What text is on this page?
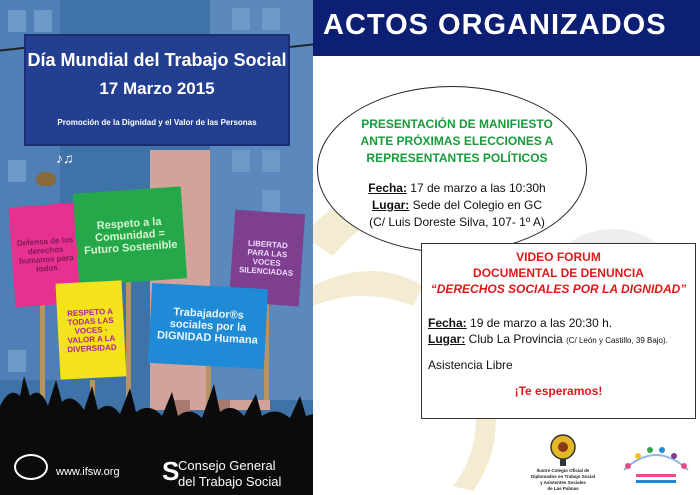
Día Mundial del Trabajo Social
17 Marzo 2015
Promoción de la Dignidad y el Valor de las Personas
♪♫
Defensa de los derechos humanos para todos
Respeto a la Comunidad = Futuro Sostenible	LIBERTAD PARA LAS VOCES SILENCIADAS
RESPETO A TODAS LAS VOCES - VALOR A LA DIVERSIDAD
Trabajador®s sociales por la DIGNIDAD Humana
www.ifsw.org S
Consejo General
del Trabajo Social
ACTOS ORGANIZADOS
PRESENTACIÓN DE MANIFIESTO
ANTE PRÓXIMAS ELECCIONES A
REPRESENTANTES POLÍTICOS
Fecha: 17 de marzo a las 10:30h
Lugar: Sede del Colegio en GC
(C/ Luis Doreste Silva, 107- 1º A)
VIDEO FORUM
DOCUMENTAL DE DENUNCIA
“DERECHOS SOCIALES POR LA DIGNIDAD”
Fecha: 19 de marzo a las 20:30 h.
Lugar: Club La Provincia (C/ León y Castillo, 39 Bajo).
Asistencia Libre
¡Te esperamos!
Ilustre Colegio Oficial de
Diplomados en Trabajo Social
y Asistentes Sociales
de Las Palmas
